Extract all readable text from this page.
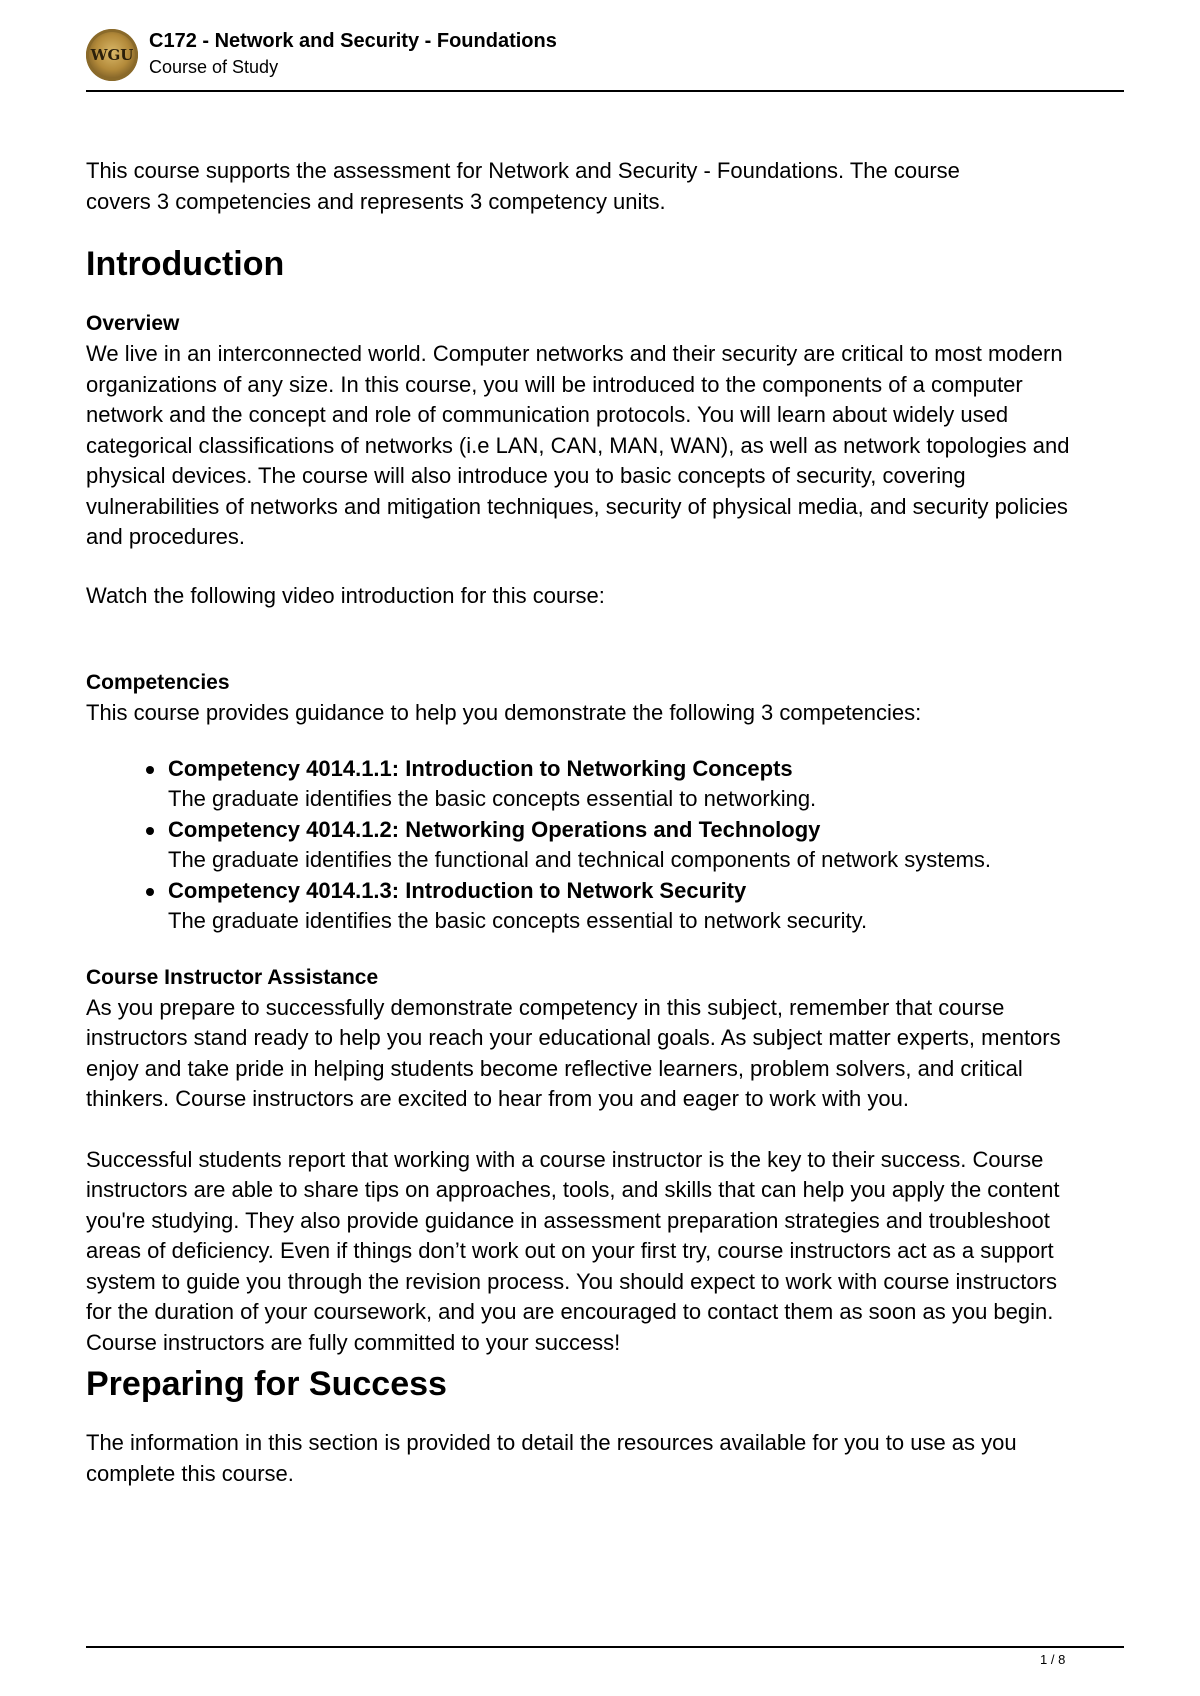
WGU
C172 - Network and Security - Foundations
Course of Study

This course supports the assessment for Network and Security - Foundations. The course covers 3 competencies and represents 3 competency units.

Introduction
Overview

We live in an interconnected world. Computer networks and their security are critical to most modern organizations of any size. In this course, you will be introduced to the components of a computer network and the concept and role of communication protocols. You will learn about widely used categorical classifications of networks (i.e LAN, CAN, MAN, WAN), as well as network topologies and physical devices. The course will also introduce you to basic concepts of security, covering vulnerabilities of networks and mitigation techniques, security of physical media, and security policies and procedures.

Watch the following video introduction for this course:

Competencies

This course provides guidance to help you demonstrate the following 3 competencies:

Competency 4014.1.1: Introduction to Networking Concepts
The graduate identifies the basic concepts essential to networking.
Competency 4014.1.2: Networking Operations and Technology
The graduate identifies the functional and technical components of network systems.
Competency 4014.1.3: Introduction to Network Security
The graduate identifies the basic concepts essential to network security.
Course Instructor Assistance

As you prepare to successfully demonstrate competency in this subject, remember that course instructors stand ready to help you reach your educational goals. As subject matter experts, mentors enjoy and take pride in helping students become reflective learners, problem solvers, and critical thinkers. Course instructors are excited to hear from you and eager to work with you.

Successful students report that working with a course instructor is the key to their success. Course instructors are able to share tips on approaches, tools, and skills that can help you apply the content you're studying. They also provide guidance in assessment preparation strategies and troubleshoot areas of deficiency. Even if things don’t work out on your first try, course instructors act as a support system to guide you through the revision process. You should expect to work with course instructors for the duration of your coursework, and you are encouraged to contact them as soon as you begin. Course instructors are fully committed to your success!

Preparing for Success

The information in this section is provided to detail the resources available for you to use as you complete this course.

1 / 8
